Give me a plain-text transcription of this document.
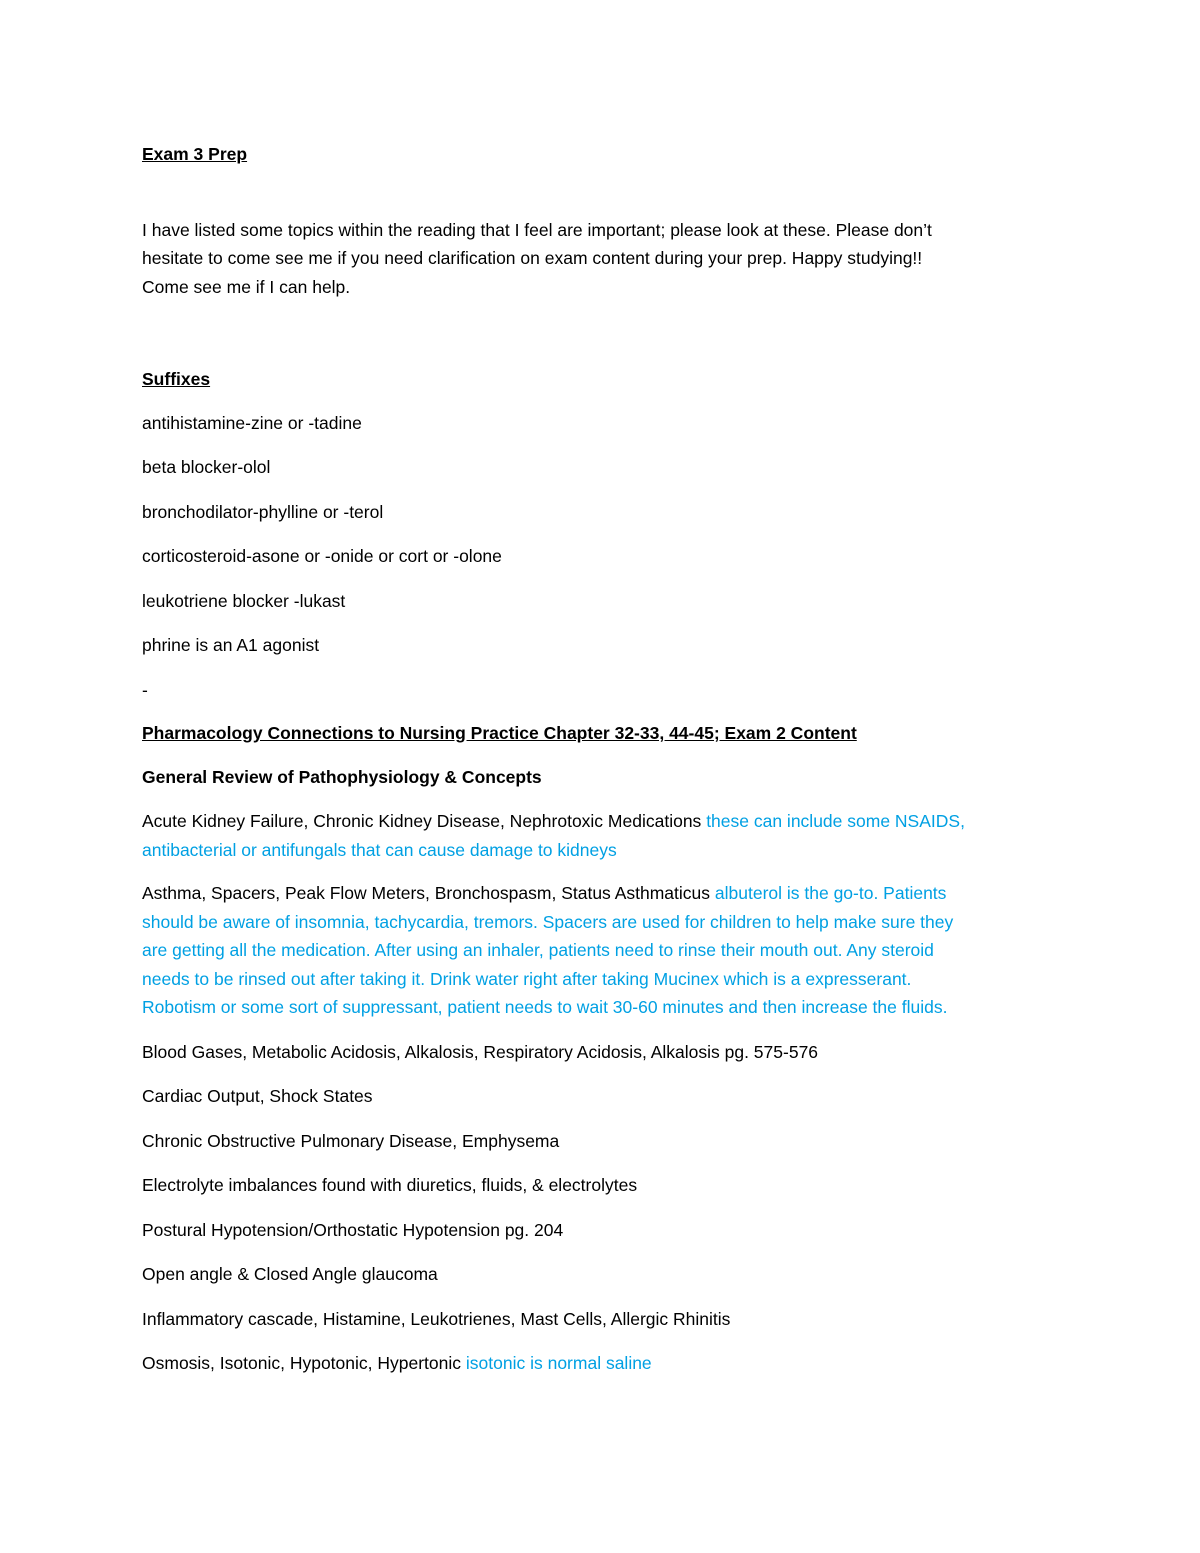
Exam 3 Prep

I have listed some topics within the reading that I feel are important; please look at these. Please don’t

hesitate to come see me if you need clarification on exam content during your prep. Happy studying!!

Come see me if I can help.

Suffixes

antihistamine-zine or -tadine

beta blocker-olol

bronchodilator-phylline or -terol

corticosteroid-asone or -onide or cort or -olone

leukotriene blocker -lukast

phrine is an A1 agonist

-

Pharmacology Connections to Nursing Practice Chapter 32-33, 44-45; Exam 2 Content

General Review of Pathophysiology & Concepts

Acute Kidney Failure, Chronic Kidney Disease, Nephrotoxic Medications these can include some NSAIDS,

antibacterial or antifungals that can cause damage to kidneys

Asthma, Spacers, Peak Flow Meters, Bronchospasm, Status Asthmaticus albuterol is the go-to. Patients

should be aware of insomnia, tachycardia, tremors. Spacers are used for children to help make sure they

are getting all the medication. After using an inhaler, patients need to rinse their mouth out. Any steroid

needs to be rinsed out after taking it. Drink water right after taking Mucinex which is a expresserant.

Robotism or some sort of suppressant, patient needs to wait 30-60 minutes and then increase the fluids.

Blood Gases, Metabolic Acidosis, Alkalosis, Respiratory Acidosis, Alkalosis pg. 575-576

Cardiac Output, Shock States

Chronic Obstructive Pulmonary Disease, Emphysema

Electrolyte imbalances found with diuretics, fluids, & electrolytes

Postural Hypotension/Orthostatic Hypotension pg. 204

Open angle & Closed Angle glaucoma

Inflammatory cascade, Histamine, Leukotrienes, Mast Cells, Allergic Rhinitis

Osmosis, Isotonic, Hypotonic, Hypertonic isotonic is normal saline
